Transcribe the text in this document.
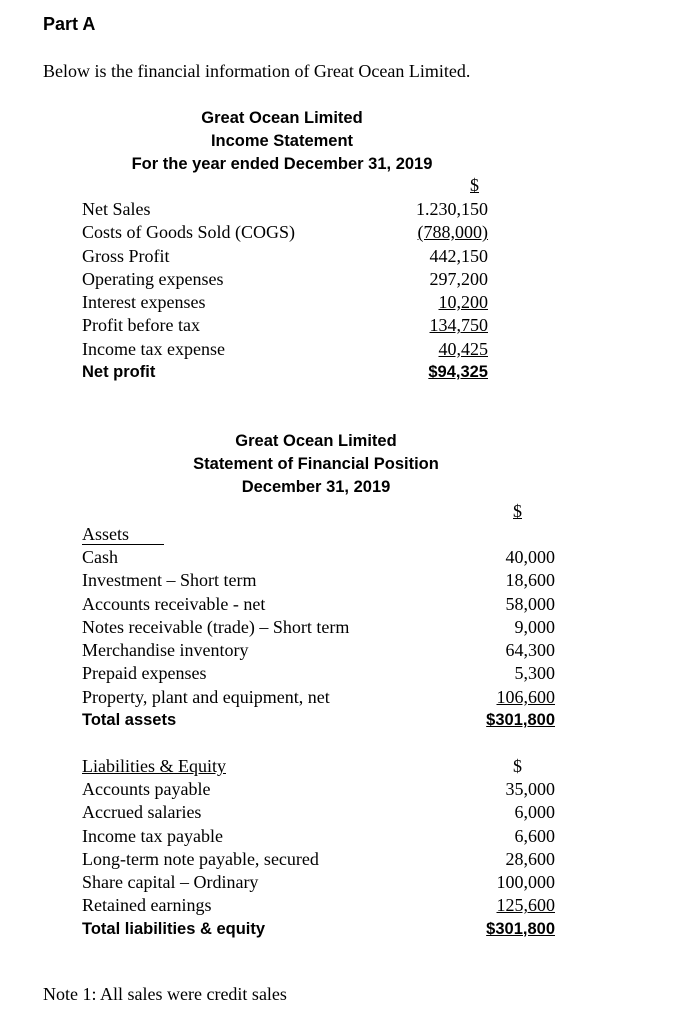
Part A
Below is the financial information of Great Ocean Limited.
Great Ocean Limited
Income Statement
For the year ended December 31, 2019
$
Net Sales	1.230,150
Costs of Goods Sold (COGS)	(788,000)
Gross Profit	442,150
Operating expenses	297,200
Interest expenses	10,200
Profit before tax	134,750
Income tax expense	40,425
Net profit	$94,325
Great Ocean Limited
Statement of Financial Position
December 31, 2019
$
Assets
Cash	40,000
Investment – Short term	18,600
Accounts receivable - net	58,000
Notes receivable (trade) – Short term	9,000
Merchandise inventory	64,300
Prepaid expenses	5,300
Property, plant and equipment, net	106,600
Total assets	$301,800
Liabilities & Equity	$
Accounts payable	35,000
Accrued salaries	6,000
Income tax payable	6,600
Long-term note payable, secured	28,600
Share capital – Ordinary	100,000
Retained earnings	125,600
Total liabilities & equity	$301,800
Note 1: All sales were credit sales
